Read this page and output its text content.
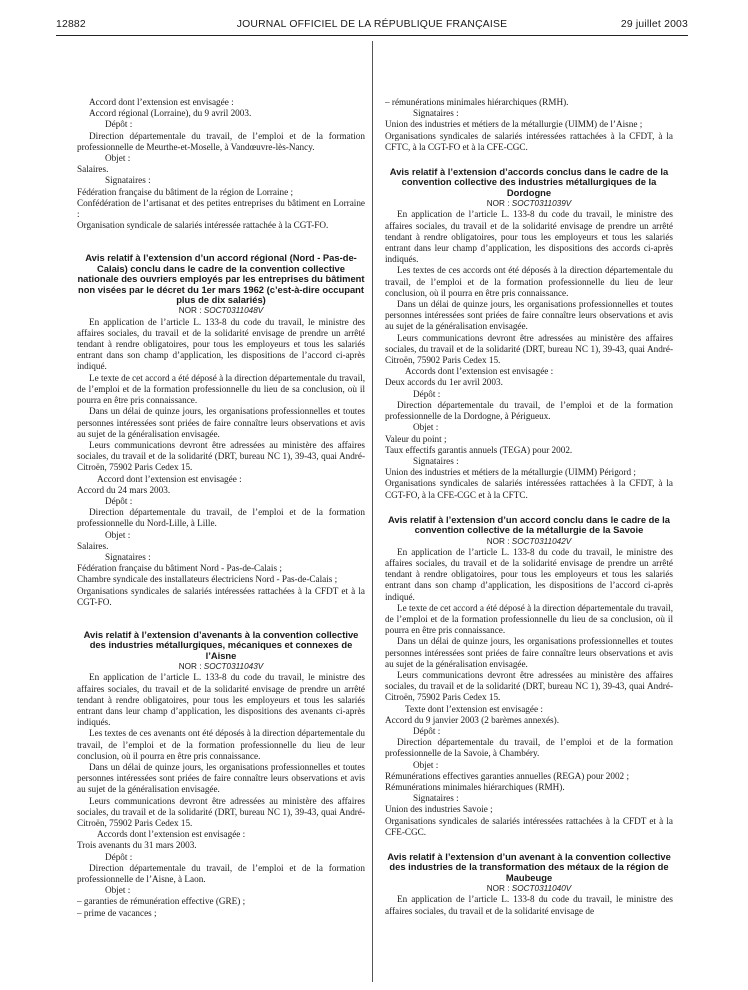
12882	JOURNAL OFFICIEL DE LA RÉPUBLIQUE FRANÇAISE	29 juillet 2003

Accord dont l’extension est envisagée :

Accord régional (Lorraine), du 9 avril 2003.

Dépôt :

Direction départementale du travail, de l’emploi et de la formation professionnelle de Meurthe-et-Moselle, à Vandœuvre-lès-Nancy.

Objet :

Salaires.

Signataires :

Fédération française du bâtiment de la région de Lorraine ;

Confédération de l’artisanat et des petites entreprises du bâtiment en Lorraine :

Organisation syndicale de salariés intéressée rattachée à la CGT-FO.

Avis relatif à l’extension d’un accord régional (Nord - Pas-de-Calais) conclu dans le cadre de la convention collective nationale des ouvriers employés par les entreprises du bâtiment non visées par le décret du 1er mars 1962 (c’est-à-dire occupant plus de dix salariés)

NOR : SOCT0311048V

En application de l’article L. 133-8 du code du travail, le ministre des affaires sociales, du travail et de la solidarité envisage de prendre un arrêté tendant à rendre obligatoires, pour tous les employeurs et tous les salariés entrant dans son champ d’application, les dispositions de l’accord ci-après indiqué.

Le texte de cet accord a été déposé à la direction départementale du travail, de l’emploi et de la formation professionnelle du lieu de sa conclusion, où il pourra en être pris connaissance.

Dans un délai de quinze jours, les organisations professionnelles et toutes personnes intéressées sont priées de faire connaître leurs observations et avis au sujet de la généralisation envisagée.

Leurs communications devront être adressées au ministère des affaires sociales, du travail et de la solidarité (DRT, bureau NC 1), 39-43, quai André-Citroën, 75902 Paris Cedex 15.

Accord dont l’extension est envisagée :

Accord du 24 mars 2003.

Dépôt :

Direction départementale du travail, de l’emploi et de la formation professionnelle du Nord-Lille, à Lille.

Objet :

Salaires.

Signataires :

Fédération française du bâtiment Nord - Pas-de-Calais ;

Chambre syndicale des installateurs électriciens Nord - Pas-de-Calais ;

Organisations syndicales de salariés intéressées rattachées à la CFDT et à la CGT-FO.

Avis relatif à l’extension d’avenants à la convention collective des industries métallurgiques, mécaniques et connexes de l’Aisne

NOR : SOCT0311043V

En application de l’article L. 133-8 du code du travail, le ministre des affaires sociales, du travail et de la solidarité envisage de prendre un arrêté tendant à rendre obligatoires, pour tous les employeurs et tous les salariés entrant dans leur champ d’application, les dispositions des avenants ci-après indiqués.

Les textes de ces avenants ont été déposés à la direction départementale du travail, de l’emploi et de la formation professionnelle du lieu de leur conclusion, où il pourra en être pris connaissance.

Dans un délai de quinze jours, les organisations professionnelles et toutes personnes intéressées sont priées de faire connaître leurs observations et avis au sujet de la généralisation envisagée.

Leurs communications devront être adressées au ministère des affaires sociales, du travail et de la solidarité (DRT, bureau NC 1), 39-43, quai André-Citroën, 75902 Paris Cedex 15.

Accords dont l’extension est envisagée :

Trois avenants du 31 mars 2003.

Dépôt :

Direction départementale du travail, de l’emploi et de la formation professionnelle de l’Aisne, à Laon.

Objet :

– garanties de rémunération effective (GRE) ;

– prime de vacances ;

– rémunérations minimales hiérarchiques (RMH).

Signataires :

Union des industries et métiers de la métallurgie (UIMM) de l’Aisne ;

Organisations syndicales de salariés intéressées rattachées à la CFDT, à la CFTC, à la CGT-FO et à la CFE-CGC.

Avis relatif à l’extension d’accords conclus dans le cadre de la convention collective des industries métallurgiques de la Dordogne

NOR : SOCT0311039V

En application de l’article L. 133-8 du code du travail, le ministre des affaires sociales, du travail et de la solidarité envisage de prendre un arrêté tendant à rendre obligatoires, pour tous les employeurs et tous les salariés entrant dans leur champ d’application, les dispositions des accords ci-après indiqués.

Les textes de ces accords ont été déposés à la direction départementale du travail, de l’emploi et de la formation professionnelle du lieu de leur conclusion, où il pourra en être pris connaissance.

Dans un délai de quinze jours, les organisations professionnelles et toutes personnes intéressées sont priées de faire connaître leurs observations et avis au sujet de la généralisation envisagée.

Leurs communications devront être adressées au ministère des affaires sociales, du travail et de la solidarité (DRT, bureau NC 1), 39-43, quai André-Citroën, 75902 Paris Cedex 15.

Accords dont l’extension est envisagée :

Deux accords du 1er avril 2003.

Dépôt :

Direction départementale du travail, de l’emploi et de la formation professionnelle de la Dordogne, à Périgueux.

Objet :

Valeur du point ;

Taux effectifs garantis annuels (TEGA) pour 2002.

Signataires :

Union des industries et métiers de la métallurgie (UIMM) Périgord ;

Organisations syndicales de salariés intéressées rattachées à la CFDT, à la CGT-FO, à la CFE-CGC et à la CFTC.

Avis relatif à l’extension d’un accord conclu dans le cadre de la convention collective de la métallurgie de la Savoie

NOR : SOCT0311042V

En application de l’article L. 133-8 du code du travail, le ministre des affaires sociales, du travail et de la solidarité envisage de prendre un arrêté tendant à rendre obligatoires, pour tous les employeurs et tous les salariés entrant dans son champ d’application, les dispositions de l’accord ci-après indiqué.

Le texte de cet accord a été déposé à la direction départementale du travail, de l’emploi et de la formation professionnelle du lieu de sa conclusion, où il pourra en être pris connaissance.

Dans un délai de quinze jours, les organisations professionnelles et toutes personnes intéressées sont priées de faire connaître leurs observations et avis au sujet de la généralisation envisagée.

Leurs communications devront être adressées au ministère des affaires sociales, du travail et de la solidarité (DRT, bureau NC 1), 39-43, quai André-Citroën, 75902 Paris Cedex 15.

Texte dont l’extension est envisagée :

Accord du 9 janvier 2003 (2 barèmes annexés).

Dépôt :

Direction départementale du travail, de l’emploi et de la formation professionnelle de la Savoie, à Chambéry.

Objet :

Rémunérations effectives garanties annuelles (REGA) pour 2002 ;

Rémunérations minimales hiérarchiques (RMH).

Signataires :

Union des industries Savoie ;

Organisations syndicales de salariés intéressées rattachées à la CFDT et à la CFE-CGC.

Avis relatif à l’extension d’un avenant à la convention collective des industries de la transformation des métaux de la région de Maubeuge

NOR : SOCT0311040V

En application de l’article L. 133-8 du code du travail, le ministre des affaires sociales, du travail et de la solidarité envisage de
